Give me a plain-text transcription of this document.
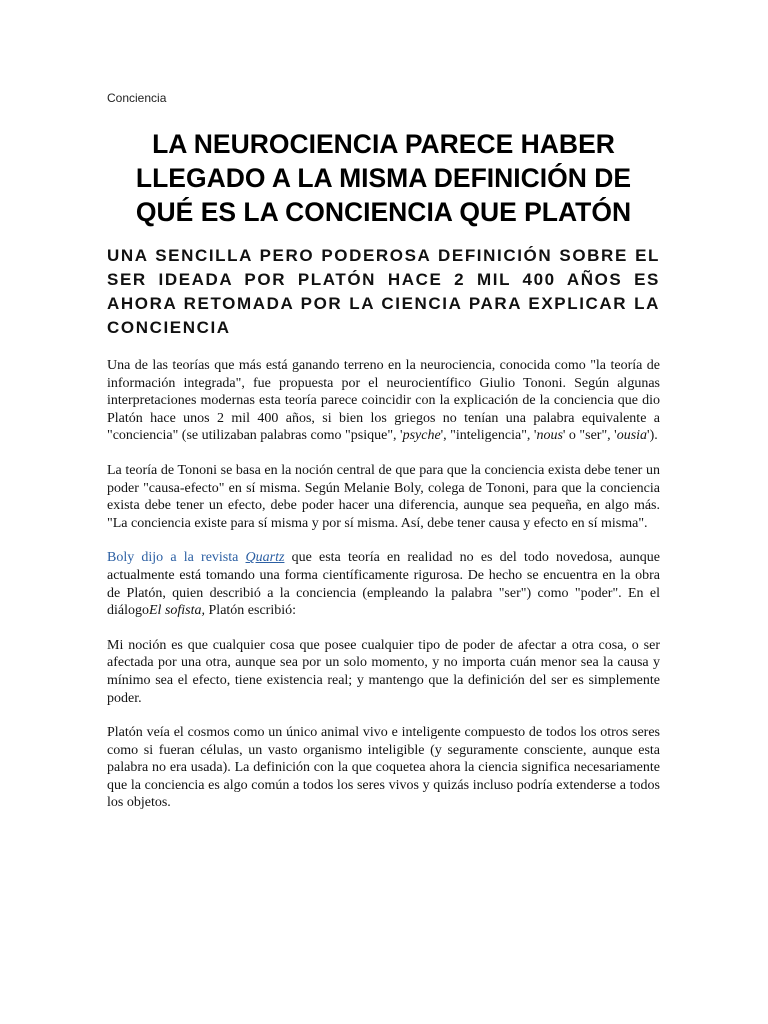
Conciencia
LA NEUROCIENCIA PARECE HABER LLEGADO A LA MISMA DEFINICIÓN DE QUÉ ES LA CONCIENCIA QUE PLATÓN
UNA SENCILLA PERO PODEROSA DEFINICIÓN SOBRE EL SER IDEADA POR PLATÓN HACE 2 MIL 400 AÑOS ES AHORA RETOMADA POR LA CIENCIA PARA EXPLICAR LA CONCIENCIA

Una de las teorías que más está ganando terreno en la neurociencia, conocida como "la teoría de información integrada", fue propuesta por el neurocientífico Giulio Tononi. Según algunas interpretaciones modernas esta teoría parece coincidir con la explicación de la conciencia que dio Platón hace unos 2 mil 400 años, si bien los griegos no tenían una palabra equivalente a "conciencia" (se utilizaban palabras como "psique", 'psyche', "inteligencia", 'nous' o "ser", 'ousia').

La teoría de Tononi se basa en la noción central de que para que la conciencia exista debe tener un poder "causa-efecto" en sí misma. Según Melanie Boly, colega de Tononi, para que la conciencia exista debe tener un efecto, debe poder hacer una diferencia, aunque sea pequeña, en algo más. "La conciencia existe para sí misma y por sí misma. Así, debe tener causa y efecto en sí misma".

Boly dijo a la revista Quartz que esta teoría en realidad no es del todo novedosa, aunque actualmente está tomando una forma científicamente rigurosa. De hecho se encuentra en la obra de Platón, quien describió a la conciencia (empleando la palabra "ser") como "poder". En el diálogoEl sofista, Platón escribió:

Mi noción es que cualquier cosa que posee cualquier tipo de poder de afectar a otra cosa, o ser afectada por una otra, aunque sea por un solo momento, y no importa cuán menor sea la causa y mínimo sea el efecto, tiene existencia real; y mantengo que la definición del ser es simplemente poder.

Platón veía el cosmos como un único animal vivo e inteligente compuesto de todos los otros seres como si fueran células, un vasto organismo inteligible (y seguramente consciente, aunque esta palabra no era usada). La definición con la que coquetea ahora la ciencia significa necesariamente que la conciencia es algo común a todos los seres vivos y quizás incluso podría extenderse a todos los objetos.
